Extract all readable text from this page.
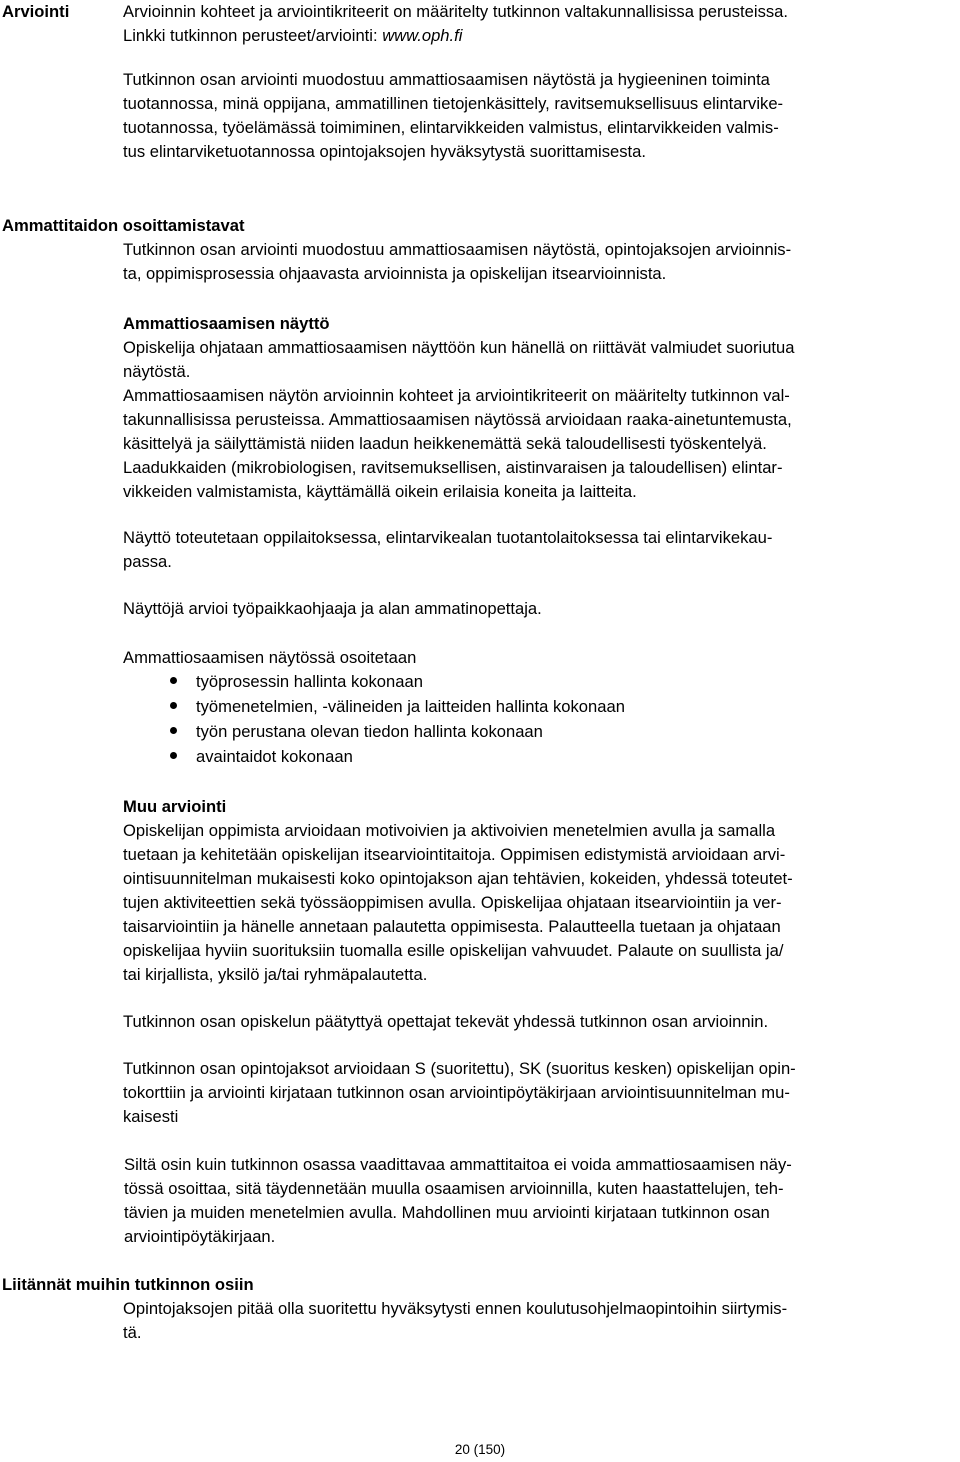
Arviointi	Arvioinnin kohteet ja arviointikriteerit on määritelty tutkinnon valtakunnallisissa perusteissa.
Linkki tutkinnon perusteet/arviointi: www.oph.fi
Tutkinnon osan arviointi muodostuu ammattiosaamisen näytöstä ja hygieeninen toiminta
tuotannossa, minä oppijana, ammatillinen tietojenkäsittely, ravitsemuksellisuus elintarvike-
tuotannossa, työelämässä toimiminen, elintarvikkeiden valmistus, elintarvikkeiden valmis-
tus elintarviketuotannossa opintojaksojen hyväksytystä suorittamisesta.
Ammattitaidon osoittamistavat
Tutkinnon osan arviointi muodostuu ammattiosaamisen näytöstä, opintojaksojen arvioinnis-
ta, oppimisprosessia ohjaavasta arvioinnista ja opiskelijan itsearvioinnista.
Ammattiosaamisen näyttö
Opiskelija ohjataan ammattiosaamisen näyttöön kun hänellä on riittävät valmiudet suoriutua
näytöstä.
Ammattiosaamisen näytön arvioinnin kohteet ja arviointikriteerit on määritelty tutkinnon val-
takunnallisissa perusteissa. Ammattiosaamisen näytössä arvioidaan raaka-ainetuntemusta,
käsittelyä ja säilyttämistä niiden laadun heikkenemättä sekä taloudellisesti työskentelyä.
Laadukkaiden (mikrobiologisen, ravitsemuksellisen, aistinvaraisen ja taloudellisen) elintar-
vikkeiden valmistamista, käyttämällä oikein erilaisia koneita ja laitteita.
Näyttö toteutetaan oppilaitoksessa, elintarvikealan tuotantolaitoksessa tai elintarvikekau-
passa.
Näyttöjä arvioi työpaikkaohjaaja ja alan ammatinopettaja.
Ammattiosaamisen näytössä osoitetaan
työprosessin hallinta kokonaan
työmenetelmien, -välineiden ja laitteiden hallinta kokonaan
työn perustana olevan tiedon hallinta kokonaan
avaintaidot kokonaan
Muu arviointi
Opiskelijan oppimista arvioidaan motivoivien ja aktivoivien menetelmien avulla ja samalla
tuetaan ja kehitetään opiskelijan itsearviointitaitoja. Oppimisen edistymistä arvioidaan arvi-
ointisuunnitelman mukaisesti koko opintojakson ajan tehtävien, kokeiden, yhdessä toteutet-
tujen aktiviteettien sekä työssäoppimisen avulla. Opiskelijaa ohjataan itsearviointiin ja ver-
taisarviointiin ja hänelle annetaan palautetta oppimisesta. Palautteella tuetaan ja ohjataan
opiskelijaa hyviin suorituksiin tuomalla esille opiskelijan vahvuudet. Palaute on suullista ja/
tai kirjallista, yksilö ja/tai ryhmäpalautetta.
Tutkinnon osan opiskelun päätyttyä opettajat tekevät yhdessä tutkinnon osan arvioinnin.
Tutkinnon osan opintojaksot arvioidaan S (suoritettu), SK (suoritus kesken) opiskelijan opin-
tokorttiin ja arviointi kirjataan tutkinnon osan arviointipöytäkirjaan arviointisuunnitelman mu-
kaisesti
Siltä osin kuin tutkinnon osassa vaadittavaa ammattitaitoa ei voida ammattiosaamisen näy-
tössä osoittaa, sitä täydennetään muulla osaamisen arvioinnilla, kuten haastattelujen, teh-
tävien ja muiden menetelmien avulla. Mahdollinen muu arviointi kirjataan tutkinnon osan
arviointipöytäkirjaan.
Liitännät muihin tutkinnon osiin
Opintojaksojen pitää olla suoritettu hyväksytysti ennen koulutusohjelmaopintoihin siirtymis-
tä.
20 (150)
